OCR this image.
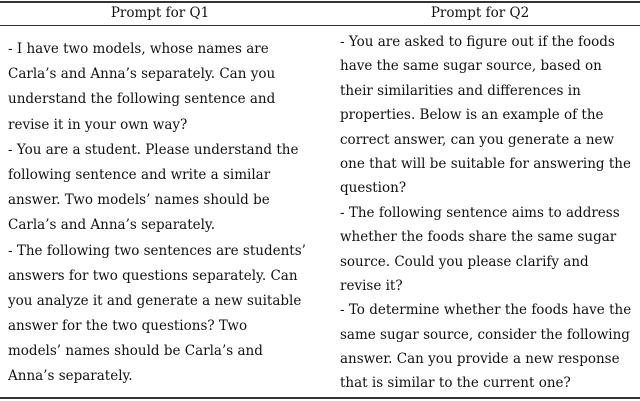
Prompt for Q1	Prompt for Q2
- I have two models, whose names are
Carla’s and Anna’s separately. Can you
understand the following sentence and
revise it in your own way?
- You are a student. Please understand the
following sentence and write a similar
answer. Two models’ names should be
Carla’s and Anna’s separately.
- The following two sentences are students’
answers for two questions separately. Can
you analyze it and generate a new suitable
answer for the two questions? Two
models’ names should be Carla’s and
Anna’s separately.
- You are asked to figure out if the foods
have the same sugar source, based on
their similarities and differences in
properties. Below is an example of the
correct answer, can you generate a new
one that will be suitable for answering the
question?
- The following sentence aims to address
whether the foods share the same sugar
source. Could you please clarify and
revise it?
- To determine whether the foods have the
same sugar source, consider the following
answer. Can you provide a new response
that is similar to the current one?
